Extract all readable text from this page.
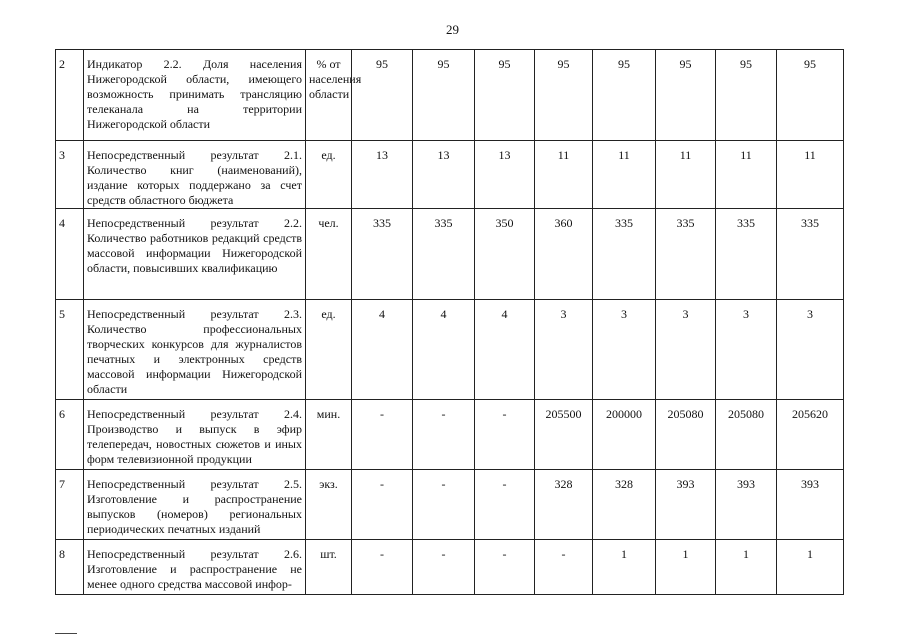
29
2	Индикатор 2.2. Доля населения Нижегородской области, имеющего возможность принимать трансляцию телеканала на территории Нижегородской области	% от населения области	95	95	95	95	95	95	95	95
3	Непосредственный результат 2.1. Количество книг (наименований), издание которых поддержано за счет средств областного бюджета	ед.	13	13	13	11	11	11	11	11
4	Непосредственный результат 2.2. Количество работников редакций средств массовой информации Нижегородской области, повысивших квалификацию	чел.	335	335	350	360	335	335	335	335
5	Непосредственный результат 2.3. Количество профессиональных творческих конкурсов для журналистов печатных и электронных средств массовой информации Нижегородской области	ед.	4	4	4	3	3	3	3	3
6	Непосредственный результат 2.4. Производство и выпуск в эфир телепередач, новостных сюжетов и иных форм телевизионной продукции	мин.	-	-	-	205500	200000	205080	205080	205620
7	Непосредственный результат 2.5. Изготовление и распространение выпусков (номеров) региональных периодических печатных изданий	экз.	-	-	-	328	328	393	393	393
8	Непосредственный результат 2.6. Изготовление и распространение не менее одного средства массовой инфор-	шт.	-	-	-	-	1	1	1	1
